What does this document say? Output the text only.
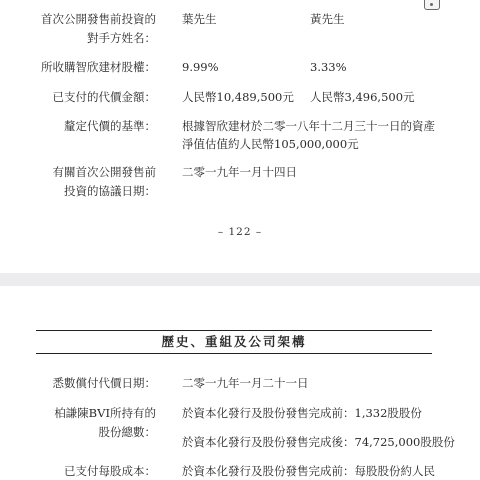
首次公開發售前投資的
對手方姓名：
葉先生	黃先生
所收購智欣建材股權： 9.99%	3.33%
已支付的代價金額： 人民幣10,489,500元 人民幣3,496,500元
釐定代價的基準： 根據智欣建材於二零一八年十二月三十一日的資產
淨值估值約人民幣105,000,000元
有關首次公開發售前
投資的協議日期：
二零一九年一月十四日
– 122 –
歷史、重組及公司架構
悉數償付代價日期： 二零一九年一月二十一日
柏謙陳BVI所持有的
股份總數：
於資本化發行及股份發售完成前：1,332股股份
於資本化發行及股份發售完成後：74,725,000股股份
已支付每股成本： 於資本化發行及股份發售完成前：每股股份約人民
